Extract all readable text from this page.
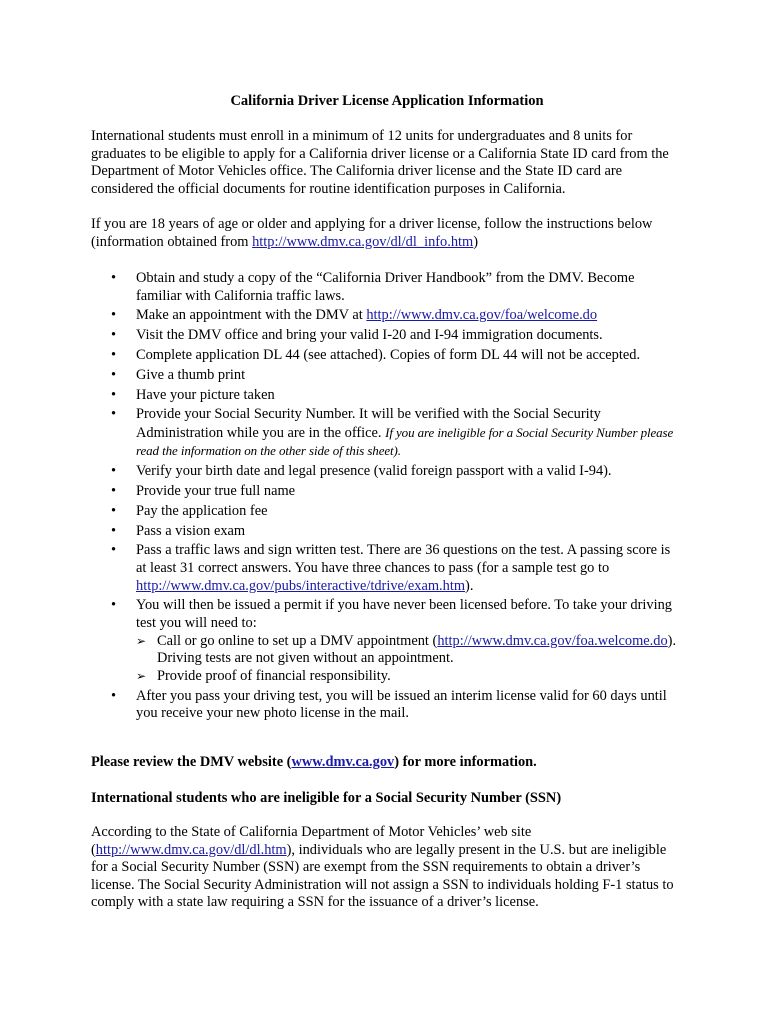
California Driver License Application Information
International students must enroll in a minimum of 12 units for undergraduates and 8 units for graduates to be eligible to apply for a California driver license or a California State ID card from the Department of Motor Vehicles office. The California driver license and the State ID card are considered the official documents for routine identification purposes in California.
If you are 18 years of age or older and applying for a driver license, follow the instructions below (information obtained from http://www.dmv.ca.gov/dl/dl_info.htm)
•	Obtain and study a copy of the “California Driver Handbook” from the DMV. Become familiar with California traffic laws.
•	Make an appointment with the DMV at http://www.dmv.ca.gov/foa/welcome.do
•	Visit the DMV office and bring your valid I-20 and I-94 immigration documents.
•	Complete application DL 44 (see attached). Copies of form DL 44 will not be accepted.
•	Give a thumb print
•	Have your picture taken
•	Provide your Social Security Number. It will be verified with the Social Security Administration while you are in the office. If you are ineligible for a Social Security Number please read the information on the other side of this sheet).
•	Verify your birth date and legal presence (valid foreign passport with a valid I-94).
•	Provide your true full name
•	Pay the application fee
•	Pass a vision exam
•	Pass a traffic laws and sign written test. There are 36 questions on the test. A passing score is at least 31 correct answers. You have three chances to pass (for a sample test go to http://www.dmv.ca.gov/pubs/interactive/tdrive/exam.htm).
•	You will then be issued a permit if you have never been licensed before. To take your driving test you will need to:
➢ Call or go online to set up a DMV appointment (http://www.dmv.ca.gov/foa.welcome.do). Driving tests are not given without an appointment.
➢ Provide proof of financial responsibility.
•	After you pass your driving test, you will be issued an interim license valid for 60 days until you receive your new photo license in the mail.
Please review the DMV website (www.dmv.ca.gov) for more information.
International students who are ineligible for a Social Security Number (SSN)
According to the State of California Department of Motor Vehicles’ web site (http://www.dmv.ca.gov/dl/dl.htm), individuals who are legally present in the U.S. but are ineligible for a Social Security Number (SSN) are exempt from the SSN requirements to obtain a driver’s license. The Social Security Administration will not assign a SSN to individuals holding F-1 status to comply with a state law requiring a SSN for the issuance of a driver’s license.
